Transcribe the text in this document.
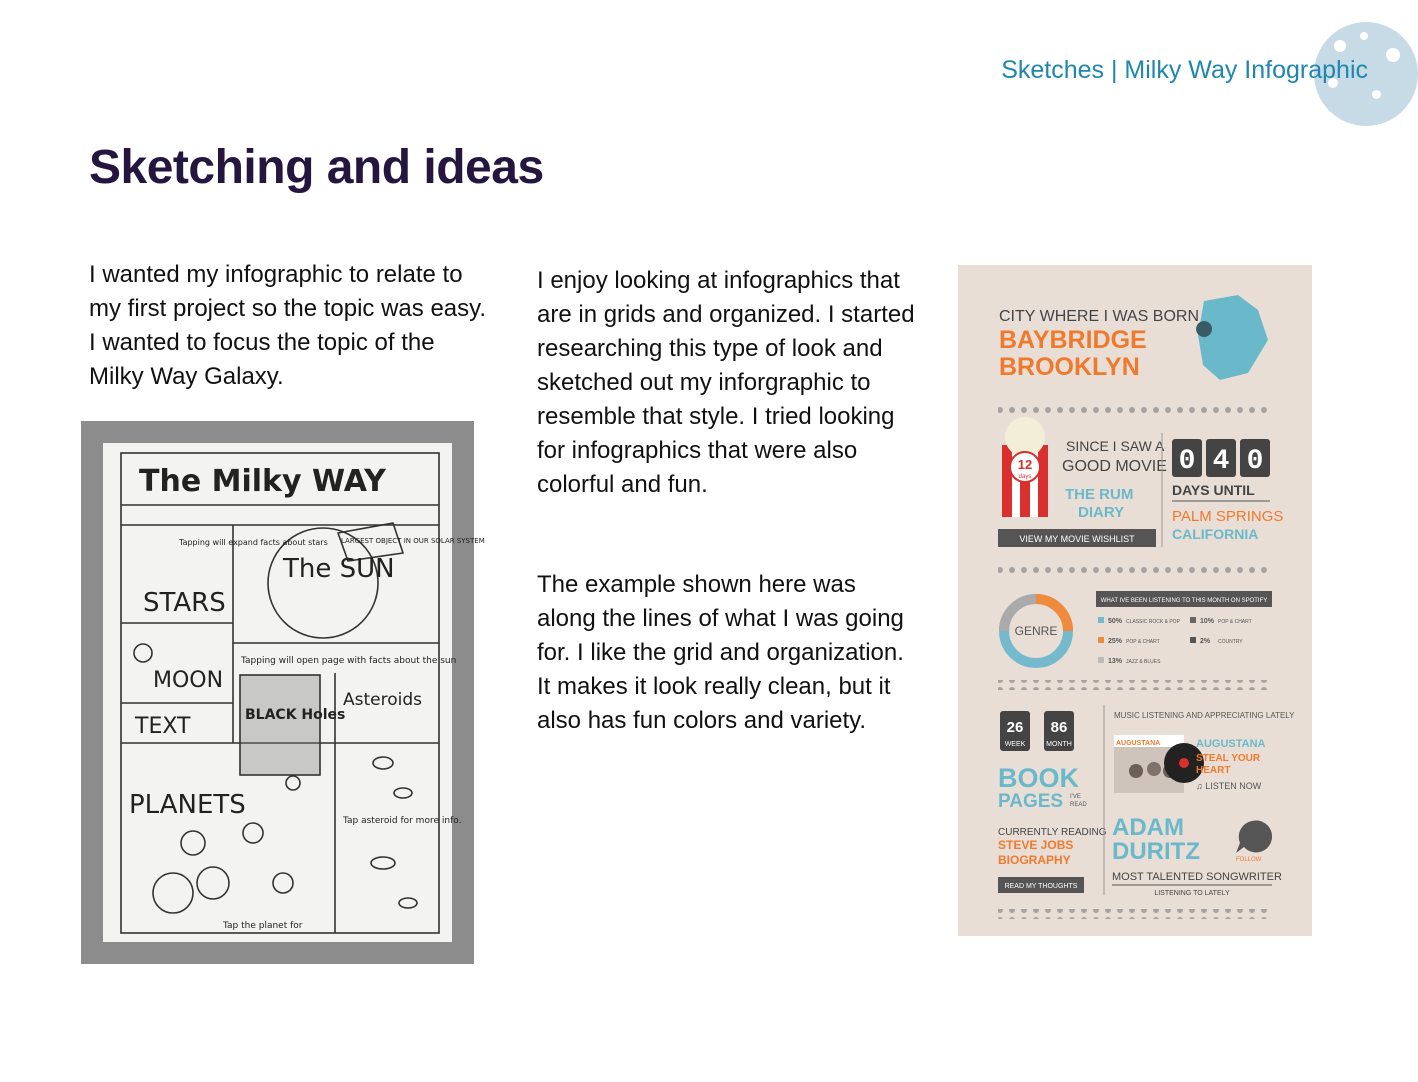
Sketches | Milky Way Infographic
Sketching and ideas

I wanted my infographic to relate to my first project so the topic was easy. I wanted to focus the topic of the Milky Way Galaxy.

I enjoy looking at infographics that are in grids and organized. I started researching this type of look and sketched out my inforgraphic to resemble that style. I tried looking for infographics that were also colorful and fun.

The example shown here was along the lines of what I was going for. I like the grid and organization. It makes it look really clean, but it also has fun colors and variety.

The Milky WAY
STARS
Tapping will expand facts about stars
The SUN
LARGEST OBJECT IN OUR SOLAR SYSTEM
Tapping will open page with facts about the sun
MOON
BLACK Holes
Asteroids
TEXT
PLANETS
Tap asteroid for more info.
Tap the planet for
CITY WHERE I WAS BORN
BAYBRIDGE
BROOKLYN
12
days
SINCE I SAW A
GOOD MOVIE
THE RUM
DIARY
VIEW MY MOVIE WISHLIST
0 4 0
DAYS UNTIL
PALM SPRINGS
CALIFORNIA
GENRE
WHAT IVE BEEN LISTENING TO THIS MONTH ON SPOTIFY
50% CLASSIC ROCK & POP	10% POP & CHART
25% POP & CHART	2% COUNTRY
13% JAZZ & BLUES
26
WEEK
86
MONTH
BOOK
PAGES I'VE
READ
CURRENTLY READING
STEVE JOBS
BIOGRAPHY
READ MY THOUGHTS
MUSIC LISTENING AND APPRECIATING LATELY
AUGUSTANA	AUGUSTANA
STEAL YOUR
HEART
♫ LISTEN NOW
ADAM
DURITZ	FOLLOW
MOST TALENTED SONGWRITER
LISTENING TO LATELY
